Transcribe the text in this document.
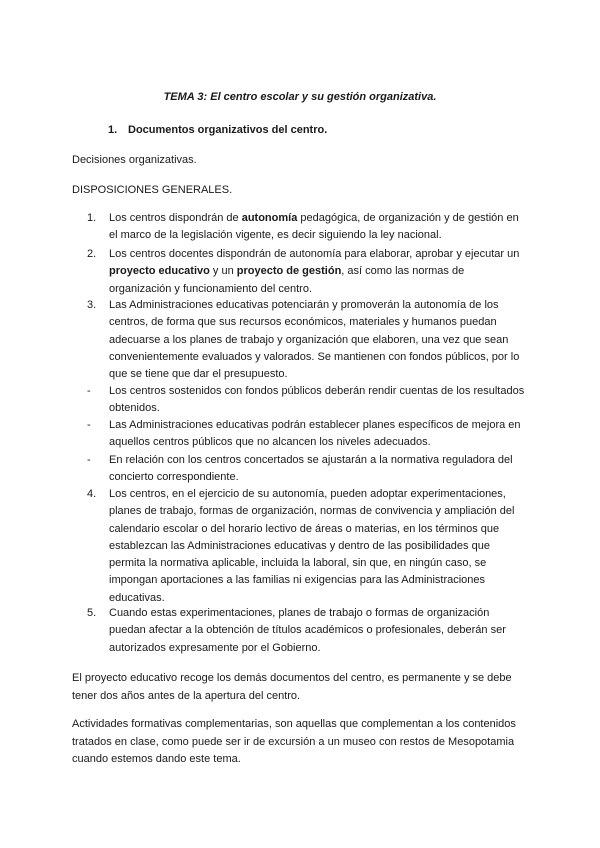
TEMA 3: El centro escolar y su gestión organizativa.
1. Documentos organizativos del centro.
Decisiones organizativas.
DISPOSICIONES GENERALES.
1.	Los centros dispondrán de autonomía pedagógica, de organización y de gestión en el marco de la legislación vigente, es decir siguiendo la ley nacional.
2.	Los centros docentes dispondrán de autonomía para elaborar, aprobar y ejecutar un proyecto educativo y un proyecto de gestión, así como las normas de organización y funcionamiento del centro.
3.	Las Administraciones educativas potenciarán y promoverán la autonomía de los centros, de forma que sus recursos económicos, materiales y humanos puedan adecuarse a los planes de trabajo y organización que elaboren, una vez que sean convenientemente evaluados y valorados. Se mantienen con fondos públicos, por lo que se tiene que dar el presupuesto.
-	Los centros sostenidos con fondos públicos deberán rendir cuentas de los resultados obtenidos.
-	Las Administraciones educativas podrán establecer planes específicos de mejora en aquellos centros públicos que no alcancen los niveles adecuados.
-	En relación con los centros concertados se ajustarán a la normativa reguladora del concierto correspondiente.
4.	Los centros, en el ejercicio de su autonomía, pueden adoptar experimentaciones, planes de trabajo, formas de organización, normas de convivencia y ampliación del calendario escolar o del horario lectivo de áreas o materias, en los términos que establezcan las Administraciones educativas y dentro de las posibilidades que permita la normativa aplicable, incluida la laboral, sin que, en ningún caso, se impongan aportaciones a las familias ni exigencias para las Administraciones educativas.
5.	Cuando estas experimentaciones, planes de trabajo o formas de organización puedan afectar a la obtención de títulos académicos o profesionales, deberán ser autorizados expresamente por el Gobierno.
El proyecto educativo recoge los demás documentos del centro, es permanente y se debe tener dos años antes de la apertura del centro.
Actividades formativas complementarias, son aquellas que complementan a los contenidos tratados en clase, como puede ser ir de excursión a un museo con restos de Mesopotamia cuando estemos dando este tema.
